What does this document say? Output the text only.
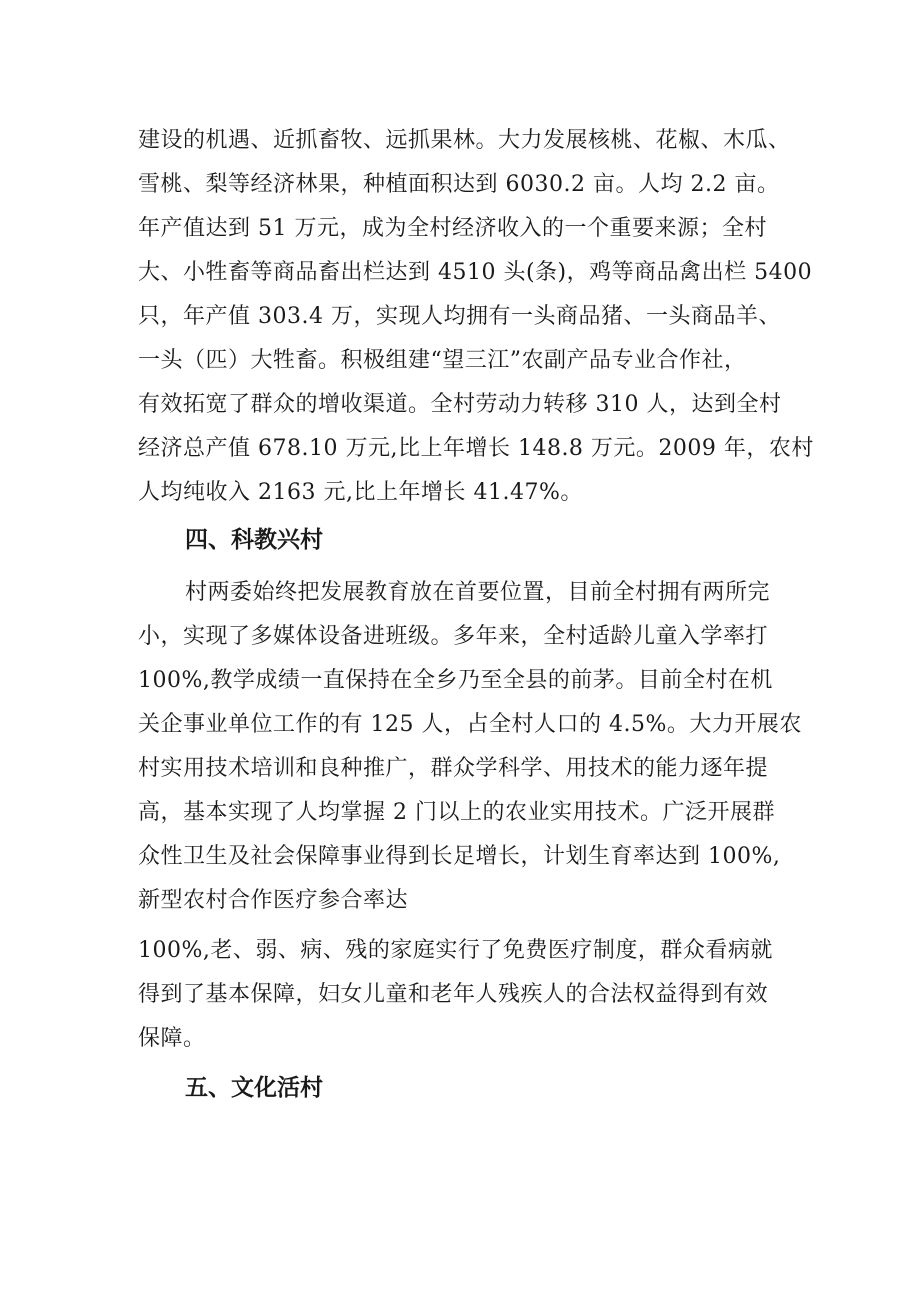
建设的机遇、近抓畜牧、远抓果林。大力发展核桃、花椒、木瓜、
雪桃、梨等经济林果，种植面积达到 6030.2 亩。人均 2.2 亩。
年产值达到 51 万元，成为全村经济收入的一个重要来源；全村
大、小牲畜等商品畜出栏达到 4510 头(条)，鸡等商品禽出栏 5400
只，年产值 303.4 万，实现人均拥有一头商品猪、一头商品羊、
一头（匹）大牲畜。积极组建“望三江”农副产品专业合作社，
有效拓宽了群众的增收渠道。全村劳动力转移 310 人，达到全村
经济总产值 678.10 万元,比上年增长 148.8 万元。2009 年，农村
人均纯收入 2163 元,比上年增长 41.47%。
四、科教兴村
村两委始终把发展教育放在首要位置，目前全村拥有两所完
小，实现了多媒体设备进班级。多年来，全村适龄儿童入学率打
100%,教学成绩一直保持在全乡乃至全县的前茅。目前全村在机
关企事业单位工作的有 125 人，占全村人口的 4.5%。大力开展农
村实用技术培训和良种推广，群众学科学、用技术的能力逐年提
高，基本实现了人均掌握 2 门以上的农业实用技术。广泛开展群
众性卫生及社会保障事业得到长足增长，计划生育率达到 100%,
新型农村合作医疗参合率达
100%,老、弱、病、残的家庭实行了免费医疗制度，群众看病就
得到了基本保障，妇女儿童和老年人残疾人的合法权益得到有效
保障。
五、文化活村
